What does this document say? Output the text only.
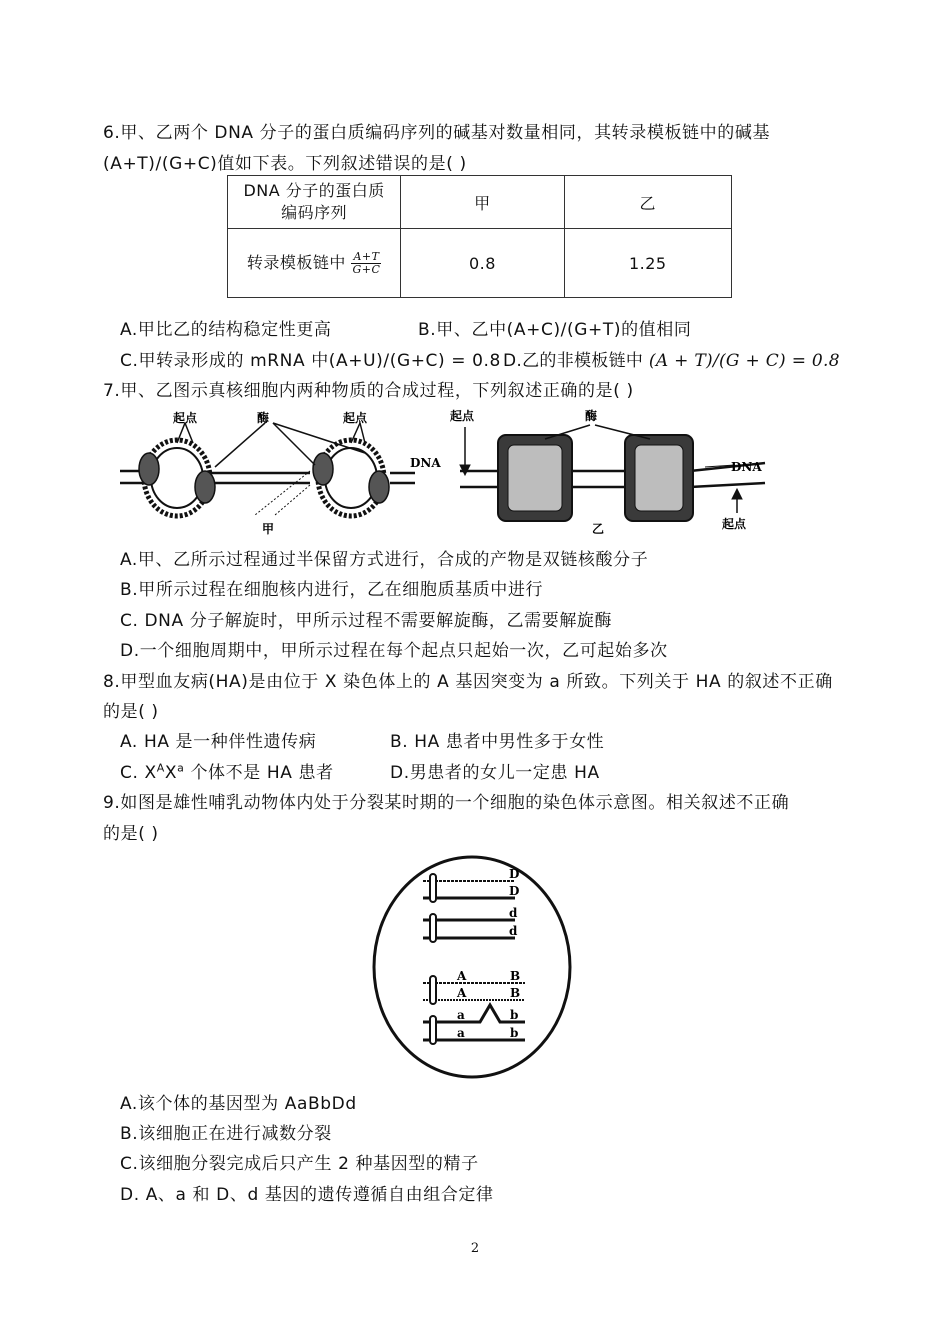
6.甲、乙两个 DNA 分子的蛋白质编码序列的碱基对数量相同，其转录模板链中的碱基
(A+T)/(G+C)值如下表。下列叙述错误的是( )
DNA 分子的蛋白质
编码序列	甲	乙
转录模板链中 $\frac{A+T}{G+C}$	0.8	1.25
A.甲比乙的结构稳定性更高	B.甲、乙中(A+C)/(G+T)的值相同
C.甲转录形成的 mRNA 中(A+U)/(G+C) = 0.8 D.乙的非模板链中 (A + T)/(G + C) = 0.8
7.甲、乙图示真核细胞内两种物质的合成过程，下列叙述正确的是( )
起点	酶	起点
DNA
甲
起点	酶
DNA
起点
乙
A.甲、乙所示过程通过半保留方式进行，合成的产物是双链核酸分子
B.甲所示过程在细胞核内进行，乙在细胞质基质中进行
C. DNA 分子解旋时，甲所示过程不需要解旋酶，乙需要解旋酶
D.一个细胞周期中，甲所示过程在每个起点只起始一次，乙可起始多次
8.甲型血友病(HA)是由位于 X 染色体上的 A 基因突变为 a 所致。下列关于 HA 的叙述不正确
的是( )
A. HA 是一种伴性遗传病	B. HA 患者中男性多于女性
C. $X^AX^a$ 个体不是 HA 患者	D.男患者的女儿一定患 HA
9.如图是雄性哺乳动物体内处于分裂某时期的一个细胞的染色体示意图。相关叙述不正确
的是( )
D
D
d
d
A	B
A	B
a	b
a	b
A.该个体的基因型为 AaBbDd
B.该细胞正在进行减数分裂
C.该细胞分裂完成后只产生 2 种基因型的精子
D. A、a 和 D、d 基因的遗传遵循自由组合定律
2
